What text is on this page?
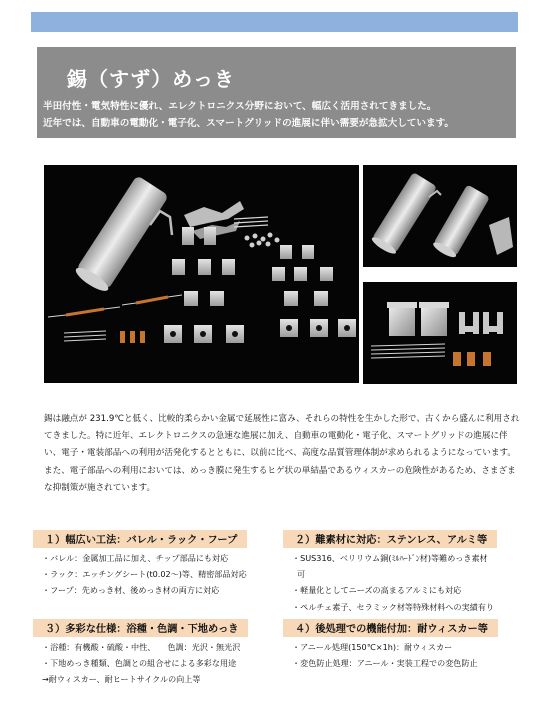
錫（すず）めっき
半田付性・電気特性に優れ、エレクトロニクス分野において、幅広く活用されてきました。
近年では、自動車の電動化・電子化、スマートグリッドの進展に伴い需要が急拡大しています。

錫は融点が 231.9℃と低く、比較的柔らかい金属で延展性に富み、それらの特性を生かした形で、古くから盛んに利用されてきました。特に近年、エレクトロニクスの急速な進展に加え、自動車の電動化・電子化、スマートグリッドの進展に伴い、電子・電装部品への利用が活発化するとともに、以前に比べ、高度な品質管理体制が求められるようになっています。

また、電子部品への利用においては、めっき膜に発生するヒゲ状の単結晶であるウィスカーの危険性があるため、さまざまな抑制策が施されています。

１）幅広い工法：バレル・ラック・フープ
・バレル：金属加工品に加え、チップ部品にも対応
・ラック：エッチングシート(t0.02～)等、精密部品対応
・フープ：先めっき材、後めっき材の両方に対応
２）難素材に対応：ステンレス、アルミ等
・SUS316、ベリリウム銅(ﾐﾙﾊｰﾄﾞﾝ材)等難めっき素材
可
・軽量化としてニーズの高まるアルミにも対応
・ペルチェ素子、セラミック材等特殊材料への実績有り
３）多彩な仕様：浴種・色調・下地めっき
・浴種：有機酸・硫酸・中性、　　色調：光沢・無光沢
・下地めっき種類、色調との組合せによる多彩な用途
→耐ウィスカー、耐ヒートサイクルの向上等
４）後処理での機能付加：耐ウィスカー等
・アニール処理(150℃×1h)：耐ウィスカー
・変色防止処理：アニール・実装工程での変色防止
